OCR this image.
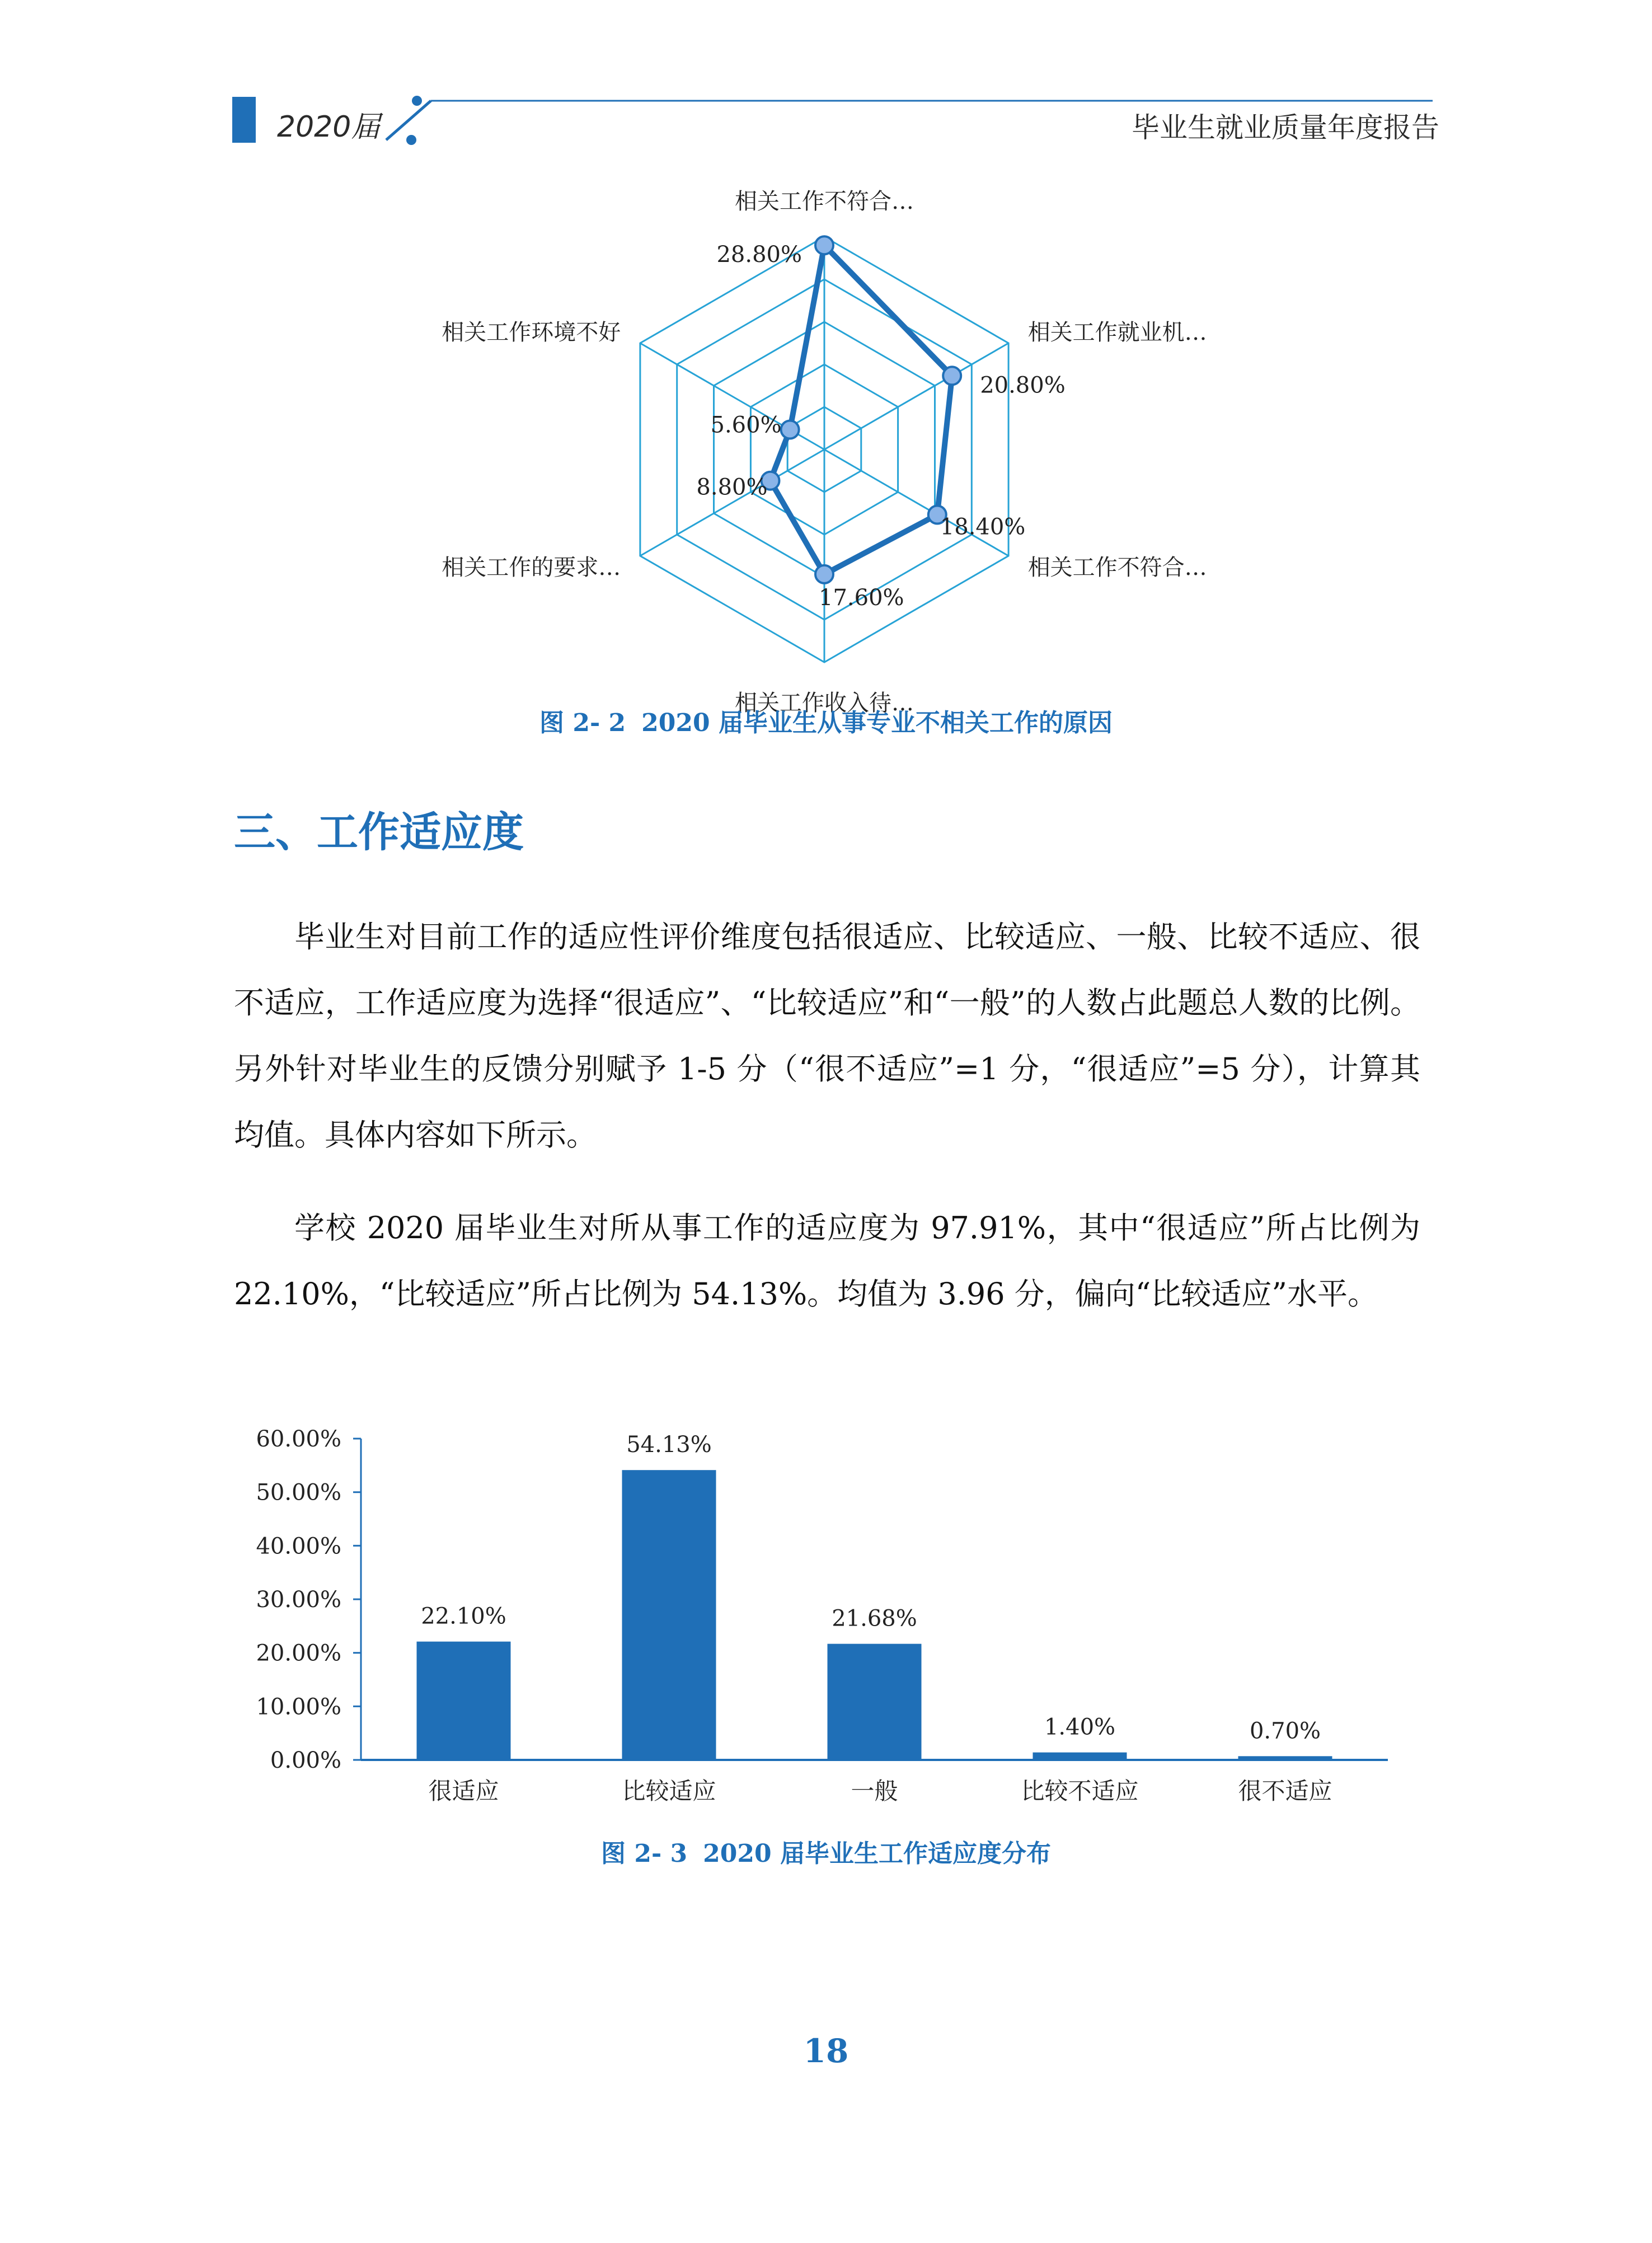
2020届	毕业生就业质量年度报告
相关工作不符合…
相关工作就业机…
相关工作不符合…
相关工作收入待…
相关工作的要求…
相关工作环境不好
28.80%
20.80%
18.40%
17.60%
8.80%
5.60%
图 2- 2 2020 届毕业生从事专业不相关工作的原因
三、工作适应度

毕业生对目前工作的适应性评价维度包括很适应、比较适应、一般、比较不适应、很不适应，工作适应度为选择“很适应”、“比较适应”和“一般”的人数占此题总人数的比例。另外针对毕业生的反馈分别赋予 1-5 分（“很不适应”=1 分，“很适应”=5 分），计算其均值。具体内容如下所示。

学校 2020 届毕业生对所从事工作的适应度为 97.91%，其中“很适应”所占比例为 22.10%，“比较适应”所占比例为 54.13%。均值为 3.96 分，偏向“比较适应”水平。

0.00%
10.00%
20.00%
30.00%
40.00%
50.00%
60.00%
22.10%
很适应
54.13%
比较适应
21.68%
一般
1.40%
比较不适应
0.70%
很不适应
图 2- 3 2020 届毕业生工作适应度分布
18
